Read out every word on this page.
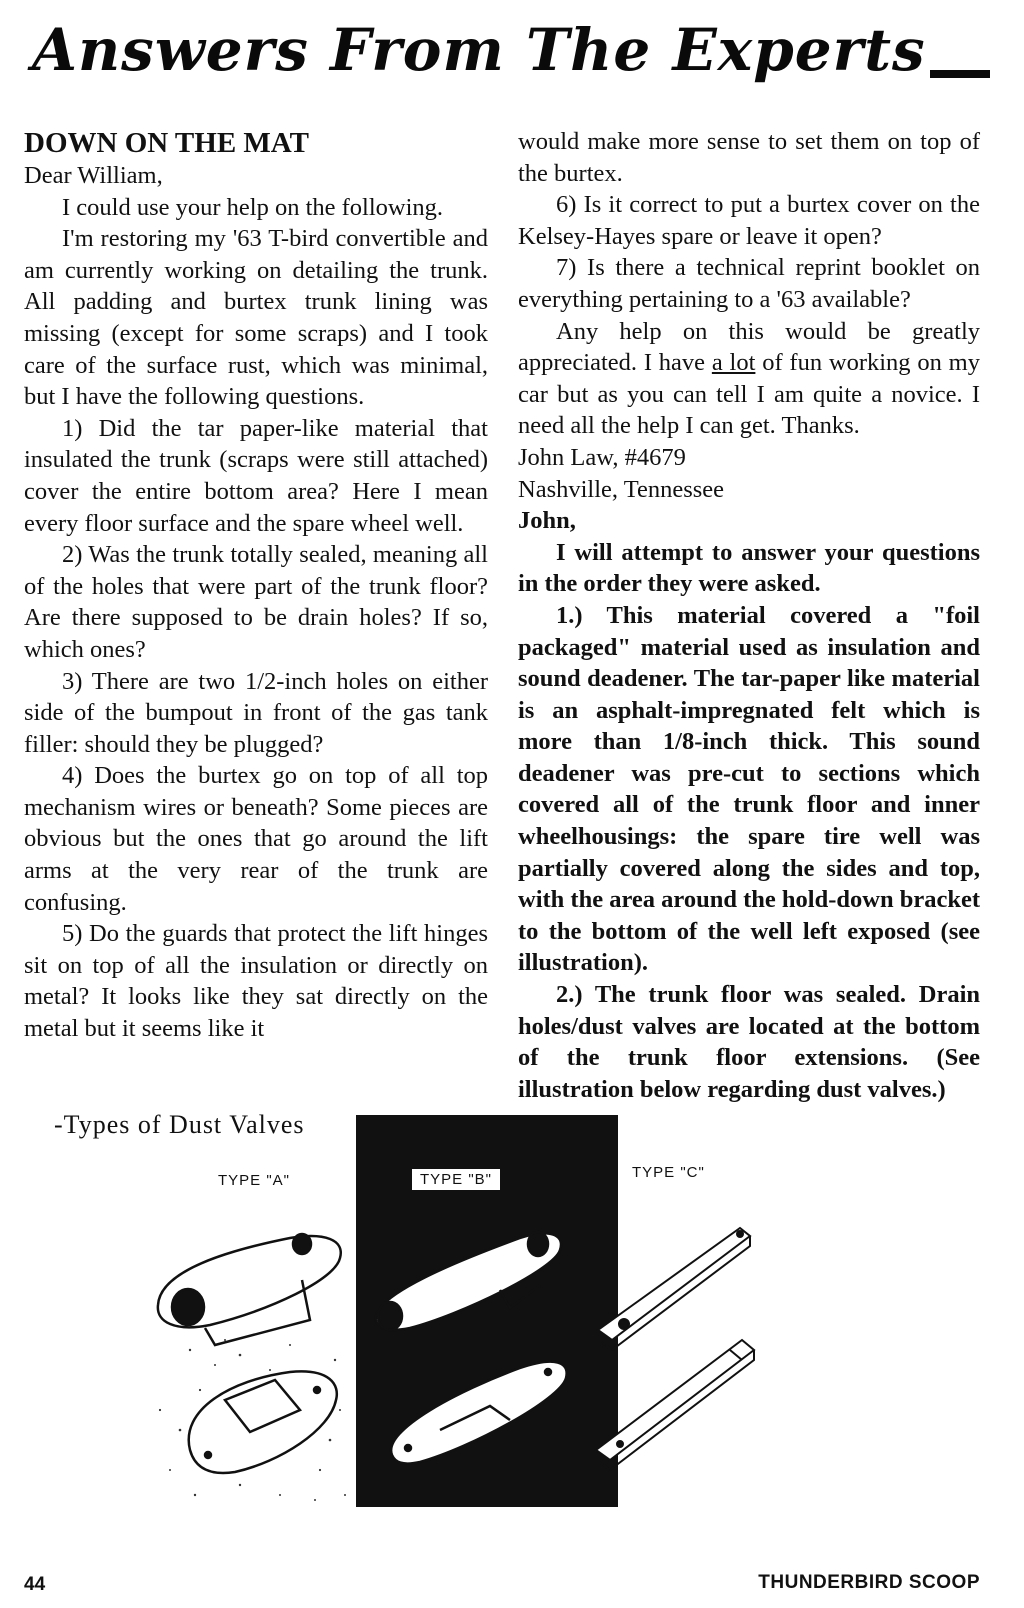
Answers From The Experts

DOWN ON THE MAT

Dear William,

I could use your help on the following.

I'm restoring my '63 T-bird convertible and am currently working on detailing the trunk. All padding and burtex trunk lining was missing (except for some scraps) and I took care of the surface rust, which was minimal, but I have the following questions.

1) Did the tar paper-like material that insulated the trunk (scraps were still attached) cover the entire bottom area? Here I mean every floor surface and the spare wheel well.

2) Was the trunk totally sealed, meaning all of the holes that were part of the trunk floor? Are there supposed to be drain holes? If so, which ones?

3) There are two 1/2-inch holes on either side of the bumpout in front of the gas tank filler: should they be plugged?

4) Does the burtex go on top of all top mechanism wires or beneath? Some pieces are obvious but the ones that go around the lift arms at the very rear of the trunk are confusing.

5) Do the guards that protect the lift hinges sit on top of all the insulation or directly on metal? It looks like they sat directly on the metal but it seems like it

would make more sense to set them on top of the burtex.

6) Is it correct to put a burtex cover on the Kelsey-Hayes spare or leave it open?

7) Is there a technical reprint booklet on everything pertaining to a '63 available?

Any help on this would be greatly appreciated. I have a lot of fun working on my car but as you can tell I am quite a novice. I need all the help I can get. Thanks.

John Law, #4679

Nashville, Tennessee

John,

I will attempt to answer your questions in the order they were asked.

1.) This material covered a "foil packaged" material used as insulation and sound deadener. The tar-paper like material is an asphalt-impregnated felt which is more than 1/8-inch thick. This sound deadener was pre-cut to sections which covered all of the trunk floor and inner wheelhousings: the spare tire well was partially covered along the sides and top, with the area around the hold-down bracket to the bottom of the well left exposed (see illustration).

2.) The trunk floor was sealed. Drain holes/dust valves are located at the bottom of the trunk floor extensions. (See illustration below regarding dust valves.)

-Types of Dust Valves
TYPE "A"	TYPE "B"	TYPE "C"
44	THUNDERBIRD SCOOP
